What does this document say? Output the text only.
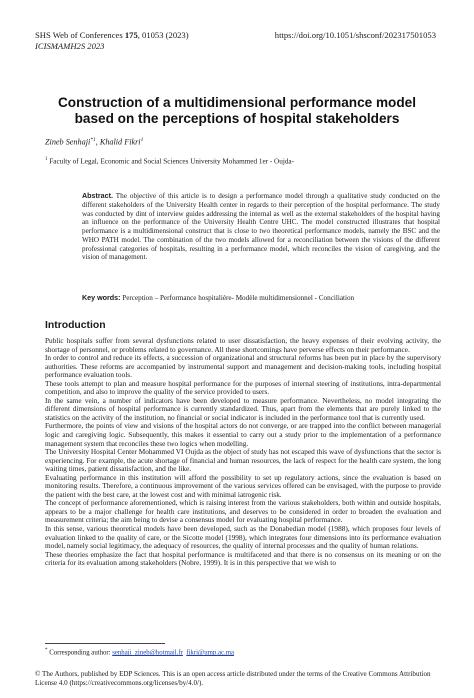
SHS Web of Conferences 175, 01053 (2023)
ICISMAMH2S 2023
https://doi.org/10.1051/shsconf/202317501053
Construction of a multidimensional performance model based on the perceptions of hospital stakeholders
Zineb Senhaji$^{*1}$, Khalid Fikri$^1$
$^1$ Faculty of Legal, Economic and Social Sciences University Mohammed 1er - Oujda-
Abstract. The objective of this article is to design a performance model through a qualitative study conducted on the different stakeholders of the University Health center in regards to their perception of the hospital performance. The study was conducted by dint of interview guides addressing the internal as well as the external stakeholders of the hospital having an influence on the performance of the University Health Centre UHC. The model constructed illustrates that hospital performance is a multidimensional construct that is close to two theoretical performance models, namely the BSC and the WHO PATH model. The combination of the two models allowed for a reconciliation between the visions of the different professional categories of hospitals, resulting in a performance model, which reconciles the vision of caregiving, and the vision of management.
Key words: Perception – Performance hospitalière- Modèle multidimensionnel - Conciliation
Introduction

Public hospitals suffer from several dysfunctions related to user dissatisfaction, the heavy expenses of their evolving activity, the shortage of personnel, or problems related to governance. All these shortcomings have perverse effects on their performance.

In order to control and reduce its effects, a succession of organizational and structural reforms has been put in place by the supervisory authorities. These reforms are accompanied by instrumental support and management and decision-making tools, including hospital performance evaluation tools.

These tools attempt to plan and measure hospital performance for the purposes of internal steering of institutions, intra-departmental competition, and also to improve the quality of the service provided to users.

In the same vein, a number of indicators have been developed to measure performance. Nevertheless, no model integrating the different dimensions of hospital performance is currently standardized. Thus, apart from the elements that are purely linked to the statistics on the activity of the institution, no financial or social indicator is included in the performance tool that is currently used.

Furthermore, the points of view and visions of the hospital actors do not converge, or are trapped into the conflict between managerial logic and caregiving logic. Subsequently, this makes it essential to carry out a study prior to the implementation of a performance management system that reconciles these two logics when modelling.

The University Hospital Center Mohammed VI Oujda as the object of study has not escaped this wave of dysfunctions that the sector is experiencing. For example, the acute shortage of financial and human resources, the lack of respect for the health care system, the long waiting times, patient dissatisfaction, and the like.

Evaluating performance in this institution will afford the possibility to set up regulatory actions, since the evaluation is based on monitoring results. Therefore, a continuous improvement of the various services offered can be envisaged, with the purpose to provide the patient with the best care, at the lowest cost and with minimal iatrogenic risk.

The concept of performance aforementioned, which is raising interest from the various stakeholders, both within and outside hospitals, appears to be a major challenge for health care institutions, and deserves to be considered in order to broaden the evaluation and measurement criteria; the aim being to devise a consensus model for evaluating hospital performance.

In this sense, various theoretical models have been developed, such as the Donabedian model (1988), which proposes four levels of evaluation linked to the quality of care, or the Sicotte model (1998), which integrates four dimensions into its performance evaluation model, namely social legitimacy, the adequacy of resources, the quality of internal processes and the quality of human relations.

These theories emphasize the fact that hospital performance is multifaceted and that there is no consensus on its meaning or on the criteria for its evaluation among stakeholders (Nobre, 1999). It is in this perspective that we wish to

* Corresponding author: senhaji_zineb@hotmail.fr fikri@ump.ac.ma
© The Authors, published by EDP Sciences. This is an open access article distributed under the terms of the Creative Commons Attribution License 4.0 (https://creativecommons.org/licenses/by/4.0/).
